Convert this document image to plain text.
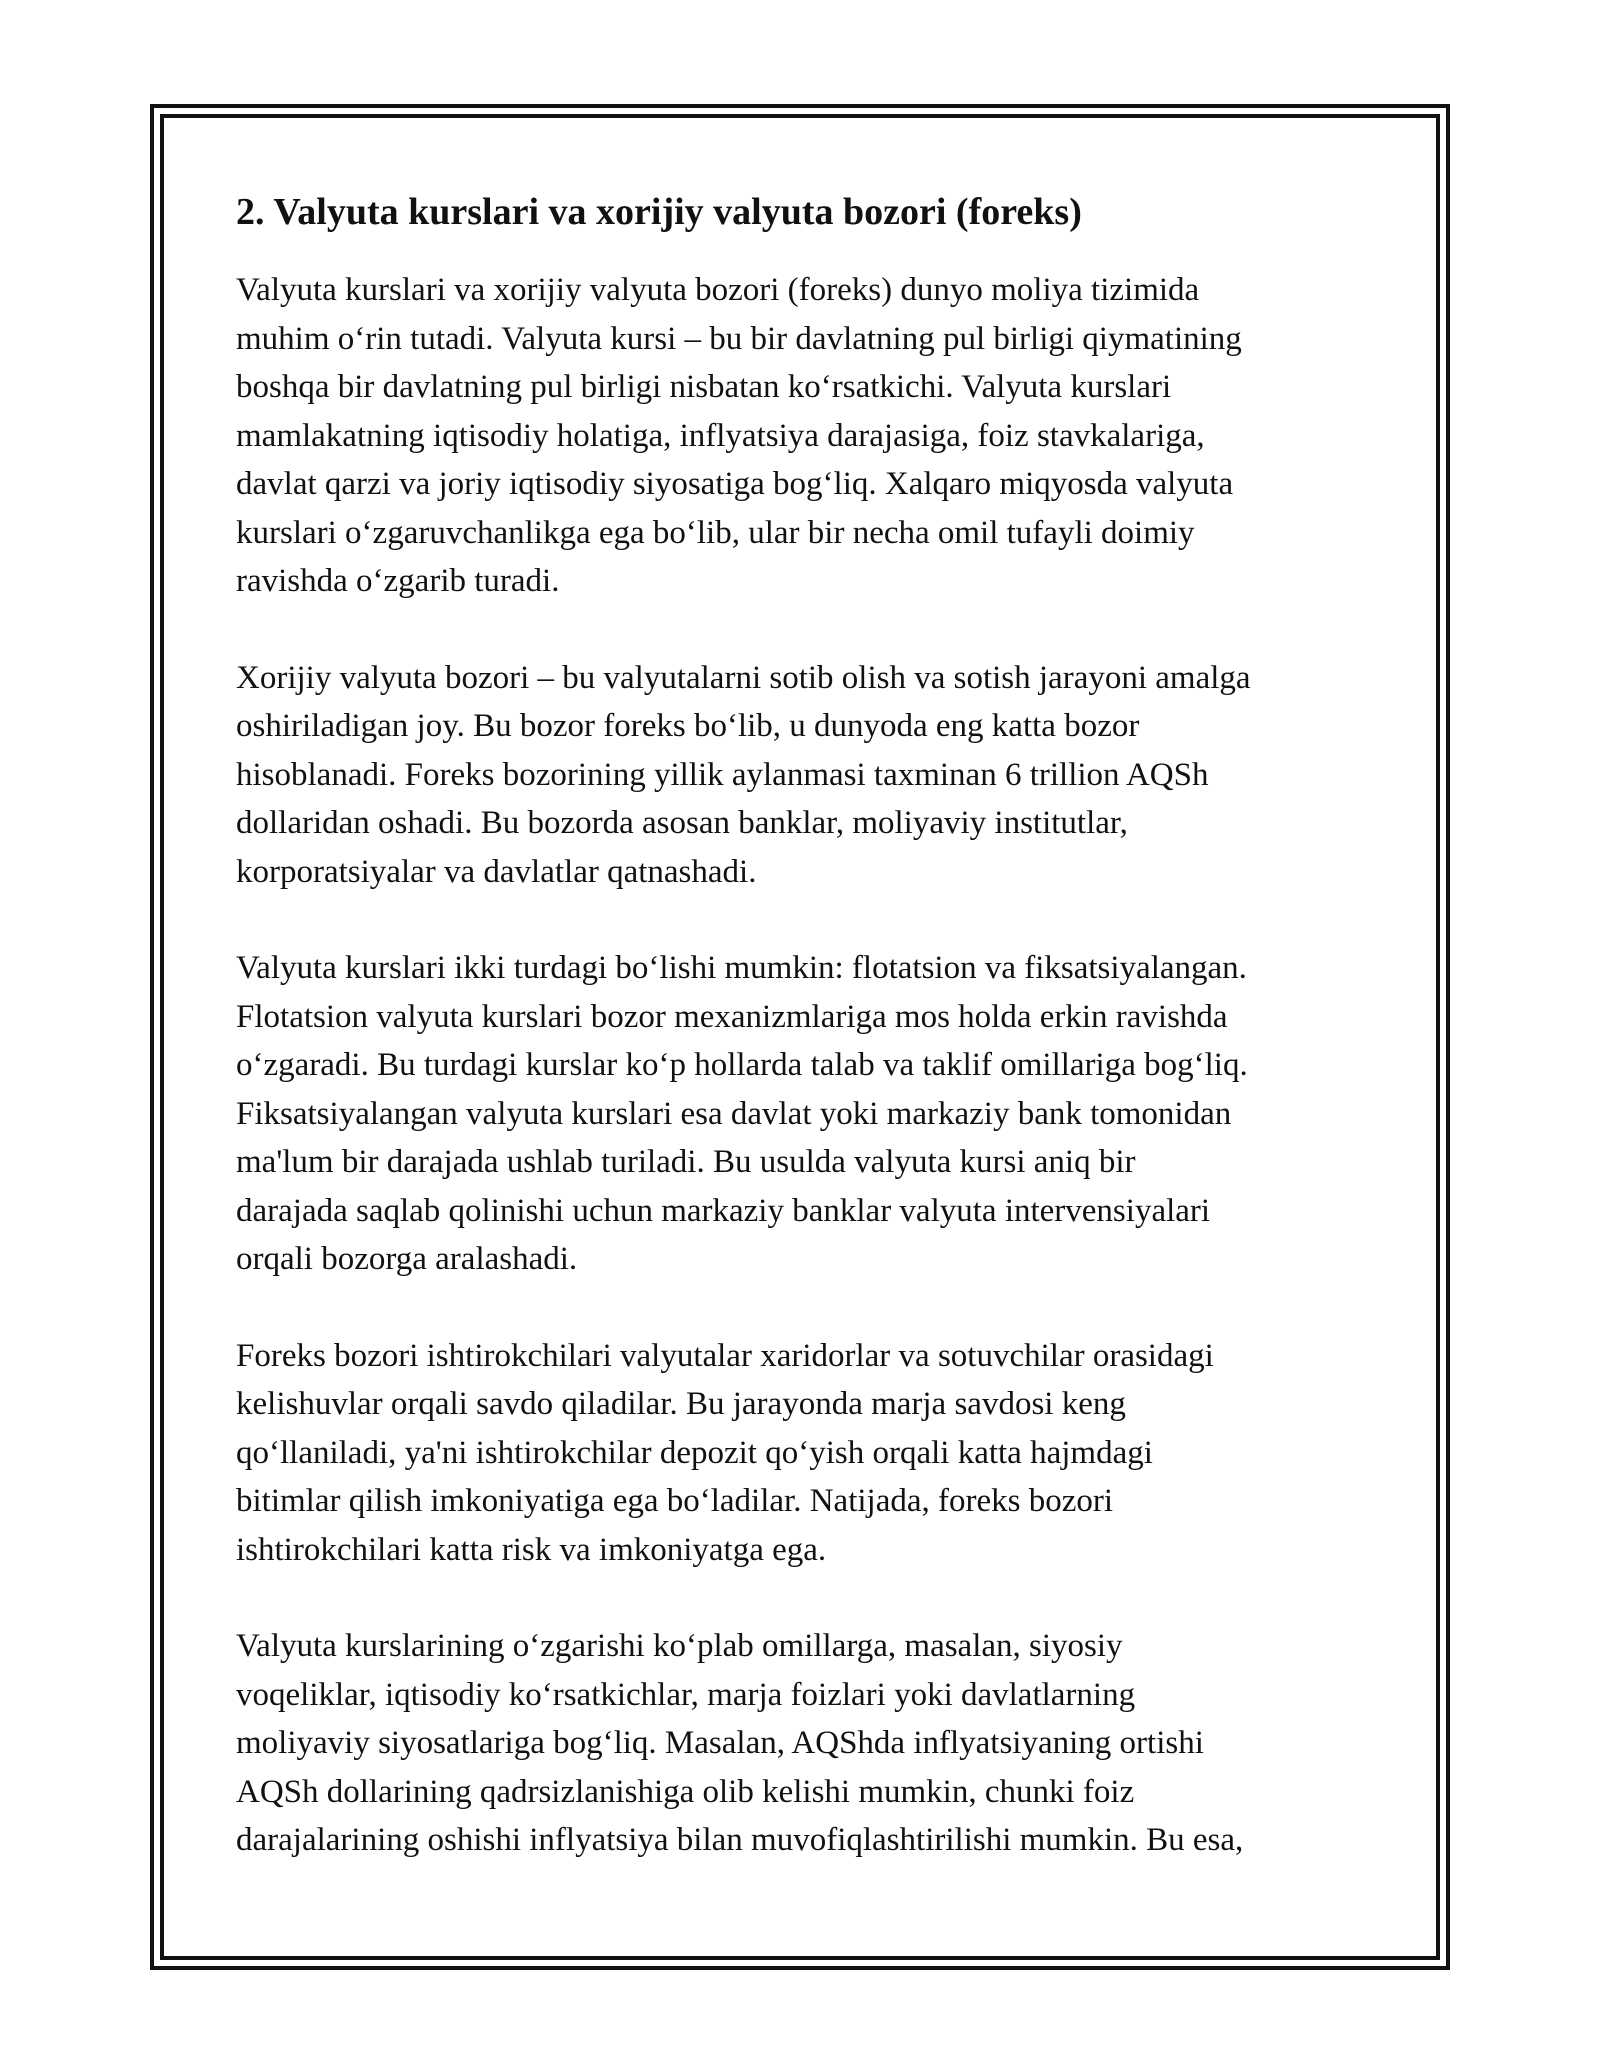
2. Valyuta kurslari va xorijiy valyuta bozori (foreks)

Valyuta kurslari va xorijiy valyuta bozori (foreks) dunyo moliya tizimida
muhim o‘rin tutadi. Valyuta kursi – bu bir davlatning pul birligi qiymatining
boshqa bir davlatning pul birligi nisbatan ko‘rsatkichi. Valyuta kurslari
mamlakatning iqtisodiy holatiga, inflyatsiya darajasiga, foiz stavkalariga,
davlat qarzi va joriy iqtisodiy siyosatiga bog‘liq. Xalqaro miqyosda valyuta
kurslari o‘zgaruvchanlikga ega bo‘lib, ular bir necha omil tufayli doimiy
ravishda o‘zgarib turadi.

Xorijiy valyuta bozori – bu valyutalarni sotib olish va sotish jarayoni amalga
oshiriladigan joy. Bu bozor foreks bo‘lib, u dunyoda eng katta bozor
hisoblanadi. Foreks bozorining yillik aylanmasi taxminan 6 trillion AQSh
dollaridan oshadi. Bu bozorda asosan banklar, moliyaviy institutlar,
korporatsiyalar va davlatlar qatnashadi.

Valyuta kurslari ikki turdagi bo‘lishi mumkin: flotatsion va fiksatsiyalangan.
Flotatsion valyuta kurslari bozor mexanizmlariga mos holda erkin ravishda
o‘zgaradi. Bu turdagi kurslar ko‘p hollarda talab va taklif omillariga bog‘liq.
Fiksatsiyalangan valyuta kurslari esa davlat yoki markaziy bank tomonidan
ma'lum bir darajada ushlab turiladi. Bu usulda valyuta kursi aniq bir
darajada saqlab qolinishi uchun markaziy banklar valyuta intervensiyalari
orqali bozorga aralashadi.

Foreks bozori ishtirokchilari valyutalar xaridorlar va sotuvchilar orasidagi
kelishuvlar orqali savdo qiladilar. Bu jarayonda marja savdosi keng
qo‘llaniladi, ya'ni ishtirokchilar depozit qo‘yish orqali katta hajmdagi
bitimlar qilish imkoniyatiga ega bo‘ladilar. Natijada, foreks bozori
ishtirokchilari katta risk va imkoniyatga ega.

Valyuta kurslarining o‘zgarishi ko‘plab omillarga, masalan, siyosiy
voqeliklar, iqtisodiy ko‘rsatkichlar, marja foizlari yoki davlatlarning
moliyaviy siyosatlariga bog‘liq. Masalan, AQShda inflyatsiyaning ortishi
AQSh dollarining qadrsizlanishiga olib kelishi mumkin, chunki foiz
darajalarining oshishi inflyatsiya bilan muvofiqlashtirilishi mumkin. Bu esa,
